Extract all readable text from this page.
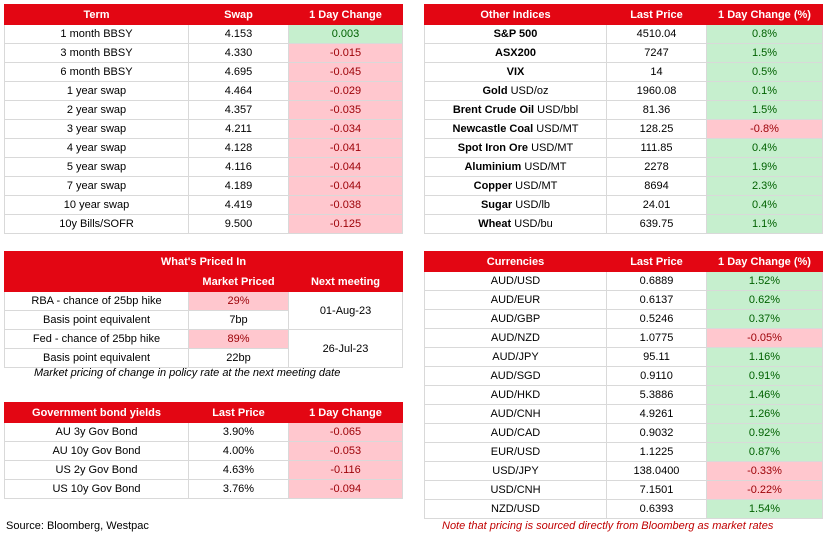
Term	Swap	1 Day Change
1 month BBSY	4.153	0.003
3 month BBSY	4.330	-0.015
6 month BBSY	4.695	-0.045
1 year swap	4.464	-0.029
2 year swap	4.357	-0.035
3 year swap	4.211	-0.034
4 year swap	4.128	-0.041
5 year swap	4.116	-0.044
7 year swap	4.189	-0.044
10 year swap	4.419	-0.038
10y Bills/SOFR	9.500	-0.125
Other Indices	Last Price	1 Day Change (%)
S&P 500	4510.04	0.8%
ASX200	7247	1.5%
VIX	14	0.5%
Gold USD/oz	1960.08	0.1%
Brent Crude Oil USD/bbl	81.36	1.5%
Newcastle Coal USD/MT	128.25	-0.8%
Spot Iron Ore USD/MT	111.85	0.4%
Aluminium USD/MT	2278	1.9%
Copper USD/MT	8694	2.3%
Sugar USD/lb	24.01	0.4%
Wheat USD/bu	639.75	1.1%
What's Priced In		
	Market Priced	Next meeting
RBA - chance of 25bp hike	29%	01-Aug-23
Basis point equivalent	7bp	
Fed - chance of 25bp hike	89%	26-Jul-23
Basis point equivalent	22bp	
Market pricing of change in policy rate at the next meeting date
Government bond yields	Last Price	1 Day Change
AU 3y Gov Bond	3.90%	-0.065
AU 10y Gov Bond	4.00%	-0.053
US 2y Gov Bond	4.63%	-0.116
US 10y Gov Bond	3.76%	-0.094
Currencies	Last Price	1 Day Change (%)
AUD/USD	0.6889	1.52%
AUD/EUR	0.6137	0.62%
AUD/GBP	0.5246	0.37%
AUD/NZD	1.0775	-0.05%
AUD/JPY	95.11	1.16%
AUD/SGD	0.9110	0.91%
AUD/HKD	5.3886	1.46%
AUD/CNH	4.9261	1.26%
AUD/CAD	0.9032	0.92%
EUR/USD	1.1225	0.87%
USD/JPY	138.0400	-0.33%
USD/CNH	7.1501	-0.22%
NZD/USD	0.6393	1.54%
Source: Bloomberg, Westpac	Note that pricing is sourced directly from Bloomberg as market rates
